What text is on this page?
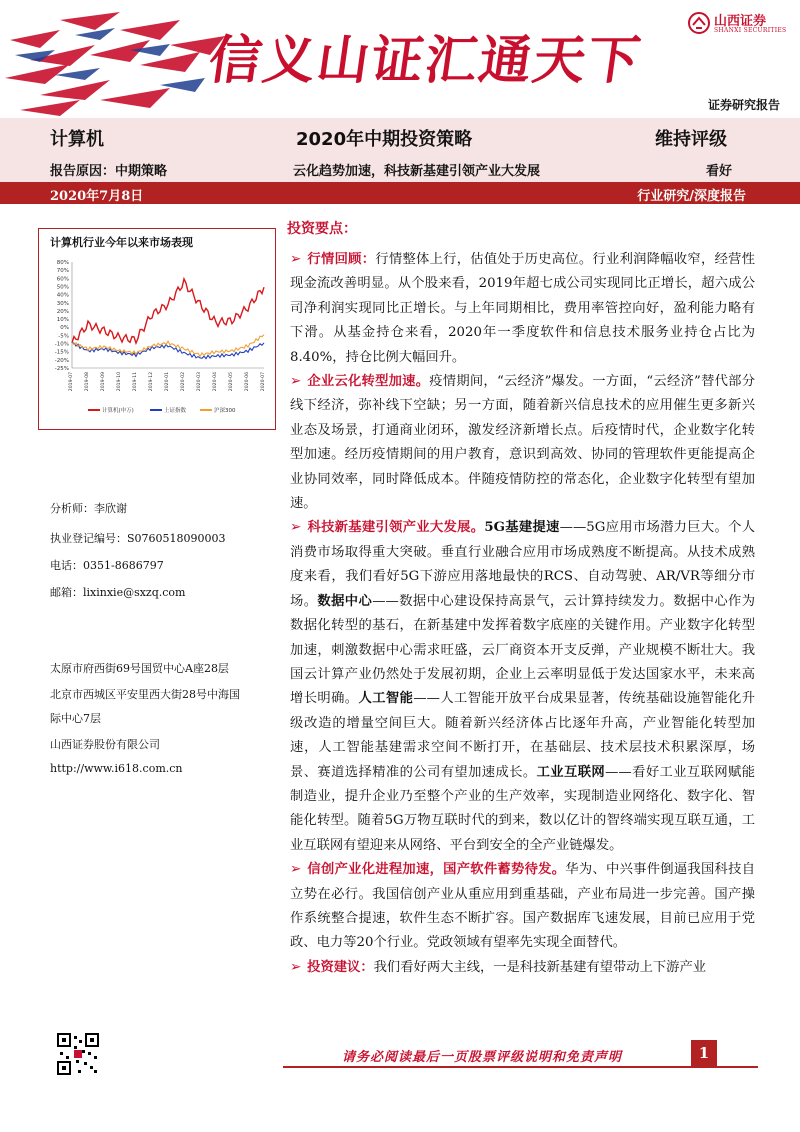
信义山证汇通天下
山西证券
SHANXI SECURITIES
证券研究报告
计算机	2020年中期投资策略	维持评级
报告原因：中期策略	云化趋势加速，科技新基建引领产业大发展	看好
2020年7月8日	行业研究/深度报告
计算机行业今年以来市场表现
80%
70%
60%
50%
40%
30%
20%
10%
0%
-5%
-10%
-15%
-20%
-25%
2019-07 2019-08 2019-09 2019-10 2019-11 2019-12 2020-01 2020-02 2020-03 2020-04 2020-05 2020-06 2020-07
计算机(申万)	上证指数	沪深300
分析师：李欣谢
执业登记编号：S0760518090003
电话：0351-8686797
邮箱：lixinxie@sxzq.com
太原市府西街69号国贸中心A座28层
北京市西城区平安里西大街28号中海国
际中心7层
山西证券股份有限公司
http://www.i618.com.cn
投资要点：

➢ 行情回顾：行情整体上行，估值处于历史高位。行业利润降幅收窄，经营性现金流改善明显。从个股来看，2019年超七成公司实现同比正增长，超六成公司净利润实现同比正增长。与上年同期相比，费用率管控向好，盈利能力略有下滑。从基金持仓来看，2020年一季度软件和信息技术服务业持仓占比为8.40%，持仓比例大幅回升。

➢ 企业云化转型加速。疫情期间，“云经济”爆发。一方面，“云经济”替代部分线下经济，弥补线下空缺；另一方面，随着新兴信息技术的应用催生更多新兴业态及场景，打通商业闭环，激发经济新增长点。后疫情时代，企业数字化转型加速。经历疫情期间的用户教育，意识到高效、协同的管理软件更能提高企业协同效率，同时降低成本。伴随疫情防控的常态化，企业数字化转型有望加速。

➢ 科技新基建引领产业大发展。5G基建提速——5G应用市场潜力巨大。个人消费市场取得重大突破。垂直行业融合应用市场成熟度不断提高。从技术成熟度来看，我们看好5G下游应用落地最快的RCS、自动驾驶、AR/VR等细分市场。数据中心——数据中心建设保持高景气，云计算持续发力。数据中心作为数据化转型的基石，在新基建中发挥着数字底座的关键作用。产业数字化转型加速，刺激数据中心需求旺盛，云厂商资本开支反弹，产业规模不断壮大。我国云计算产业仍然处于发展初期，企业上云率明显低于发达国家水平，未来高增长明确。人工智能——人工智能开放平台成果显著，传统基础设施智能化升级改造的增量空间巨大。随着新兴经济体占比逐年升高，产业智能化转型加速，人工智能基建需求空间不断打开，在基础层、技术层技术积累深厚，场景、赛道选择精准的公司有望加速成长。工业互联网——看好工业互联网赋能制造业，提升企业乃至整个产业的生产效率，实现制造业网络化、数字化、智能化转型。随着5G万物互联时代的到来，数以亿计的智终端实现互联互通，工业互联网有望迎来从网络、平台到安全的全产业链爆发。

➢ 信创产业化进程加速，国产软件蓄势待发。华为、中兴事件倒逼我国科技自立势在必行。我国信创产业从重应用到重基础，产业布局进一步完善。国产操作系统整合提速，软件生态不断扩容。国产数据库飞速发展，目前已应用于党政、电力等20个行业。党政领域有望率先实现全面替代。

➢ 投资建议：我们看好两大主线，一是科技新基建有望带动上下游产业

请务必阅读最后一页股票评级说明和免责声明	1
